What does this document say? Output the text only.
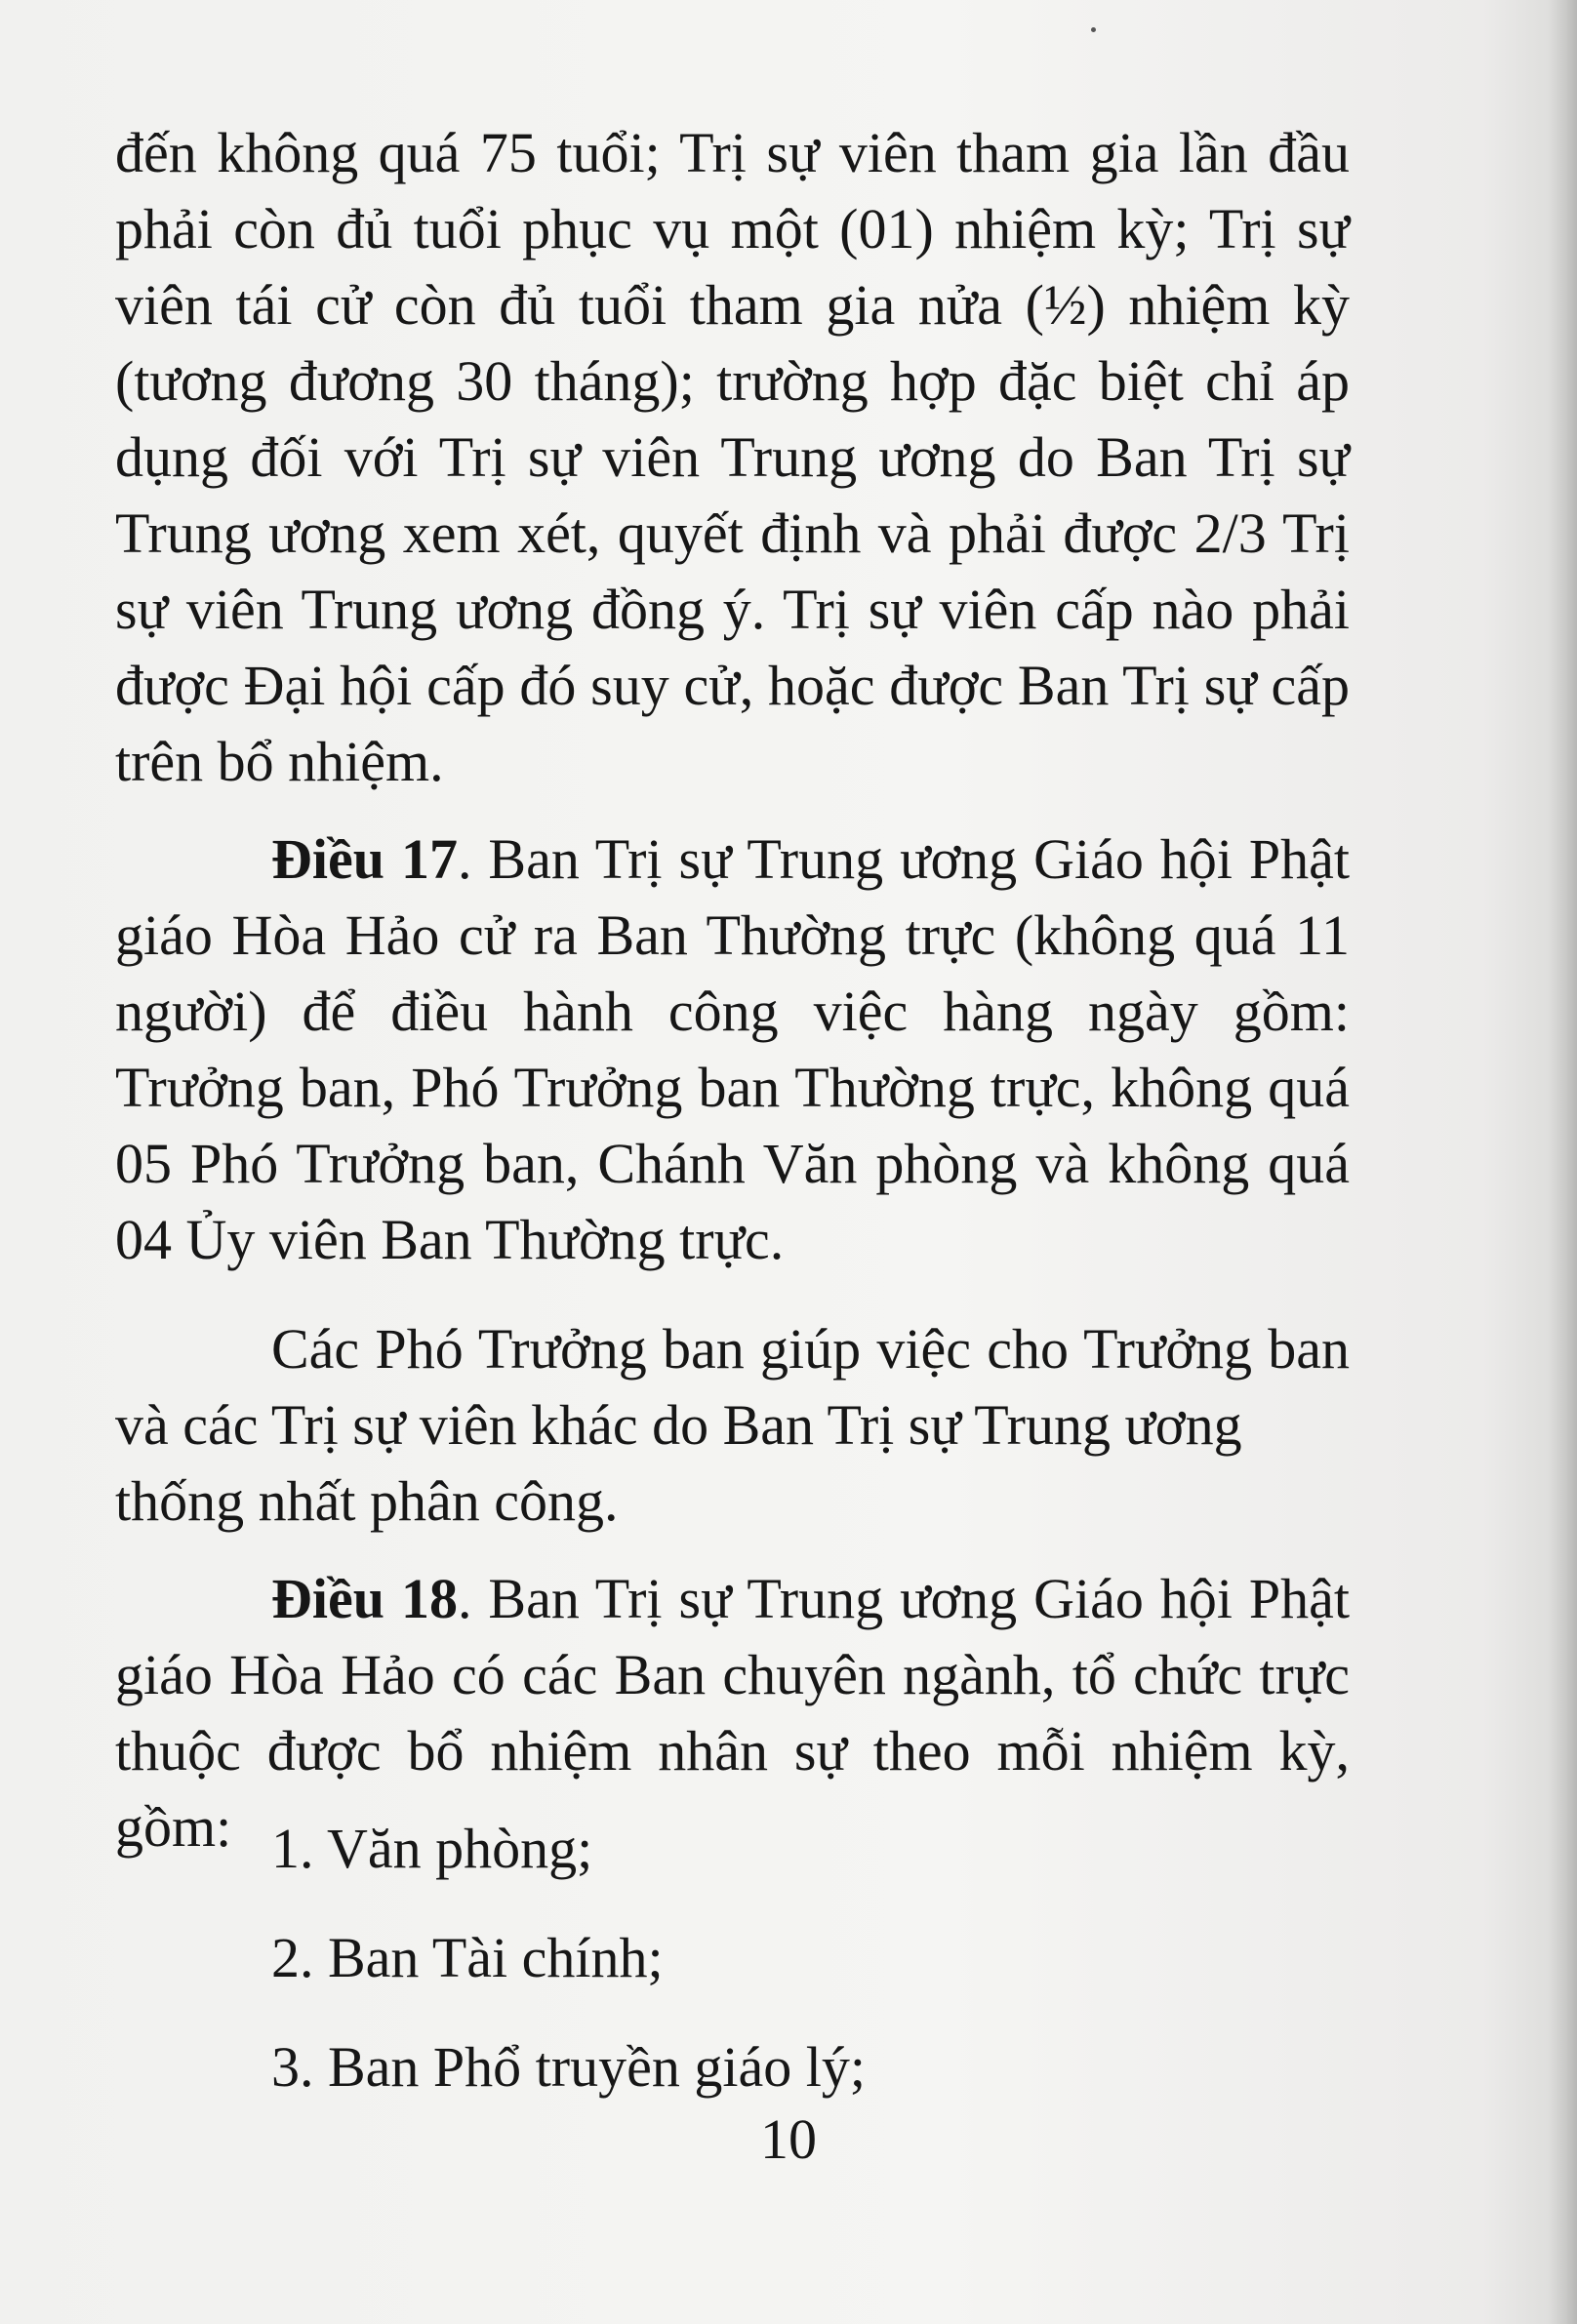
đến không quá 75 tuổi; Trị sự viên tham gia lần đầu
phải còn đủ tuổi phục vụ một (01) nhiệm kỳ; Trị sự
viên tái cử còn đủ tuổi tham gia nửa (½) nhiệm kỳ
(tương đương 30 tháng); trường hợp đặc biệt chỉ áp
dụng đối với Trị sự viên Trung ương do Ban Trị sự
Trung ương xem xét, quyết định và phải được 2/3 Trị
sự viên Trung ương đồng ý. Trị sự viên cấp nào phải
được Đại hội cấp đó suy cử, hoặc được Ban Trị sự cấp
trên bổ nhiệm.
Điều 17. Ban Trị sự Trung ương Giáo hội Phật
giáo Hòa Hảo cử ra Ban Thường trực (không quá 11
người) để điều hành công việc hàng ngày gồm:
Trưởng ban, Phó Trưởng ban Thường trực, không quá
05 Phó Trưởng ban, Chánh Văn phòng và không quá
04 Ủy viên Ban Thường trực.
Các Phó Trưởng ban giúp việc cho Trưởng ban
và các Trị sự viên khác do Ban Trị sự Trung ương
thống nhất phân công.
Điều 18. Ban Trị sự Trung ương Giáo hội Phật
giáo Hòa Hảo có các Ban chuyên ngành, tổ chức trực
thuộc được bổ nhiệm nhân sự theo mỗi nhiệm kỳ, gồm: 1. Văn phòng;
2. Ban Tài chính;
3. Ban Phổ truyền giáo lý;
10
